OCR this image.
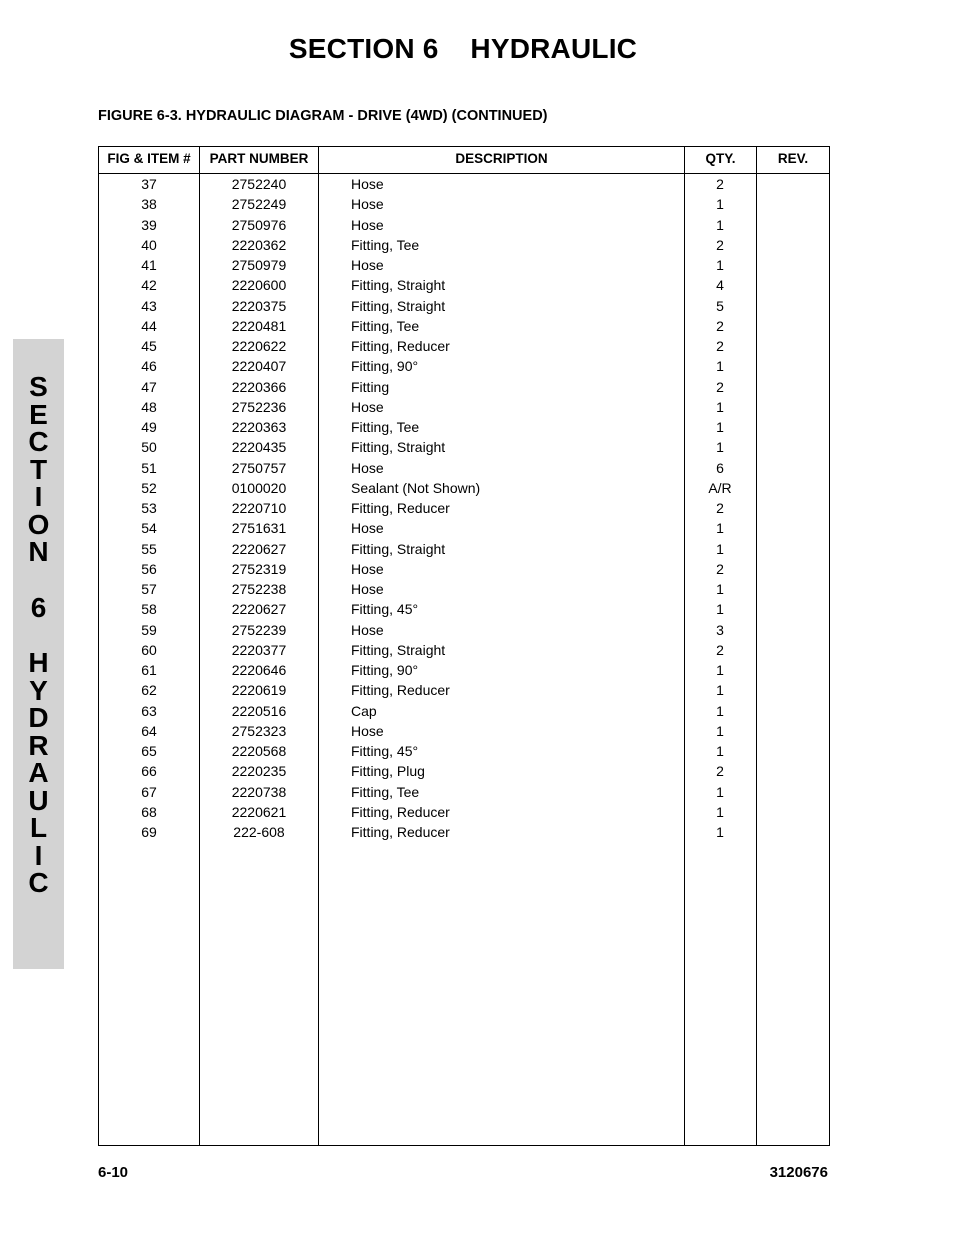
SECTION 6    HYDRAULIC
FIGURE 6-3. HYDRAULIC DIAGRAM - DRIVE (4WD) (CONTINUED)
S
E
C
T
I
O
N
6
H
Y
D
R
A
U
L
I
C
FIG & ITEM #	PART NUMBER	DESCRIPTION	QTY.	REV.
37	2752240	Hose	2
38	2752249	Hose	1
39	2750976	Hose	1
40	2220362	Fitting, Tee	2
41	2750979	Hose	1
42	2220600	Fitting, Straight	4
43	2220375	Fitting, Straight	5
44	2220481	Fitting, Tee	2
45	2220622	Fitting, Reducer	2
46	2220407	Fitting, 90°	1
47	2220366	Fitting	2
48	2752236	Hose	1
49	2220363	Fitting, Tee	1
50	2220435	Fitting, Straight	1
51	2750757	Hose	6
52	0100020	Sealant (Not Shown)	A/R
53	2220710	Fitting, Reducer	2
54	2751631	Hose	1
55	2220627	Fitting, Straight	1
56	2752319	Hose	2
57	2752238	Hose	1
58	2220627	Fitting, 45°	1
59	2752239	Hose	3
60	2220377	Fitting, Straight	2
61	2220646	Fitting, 90°	1
62	2220619	Fitting, Reducer	1
63	2220516	Cap	1
64	2752323	Hose	1
65	2220568	Fitting, 45°	1
66	2220235	Fitting, Plug	2
67	2220738	Fitting, Tee	1
68	2220621	Fitting, Reducer	1
69	222-608	Fitting, Reducer	1
6-10	3120676
